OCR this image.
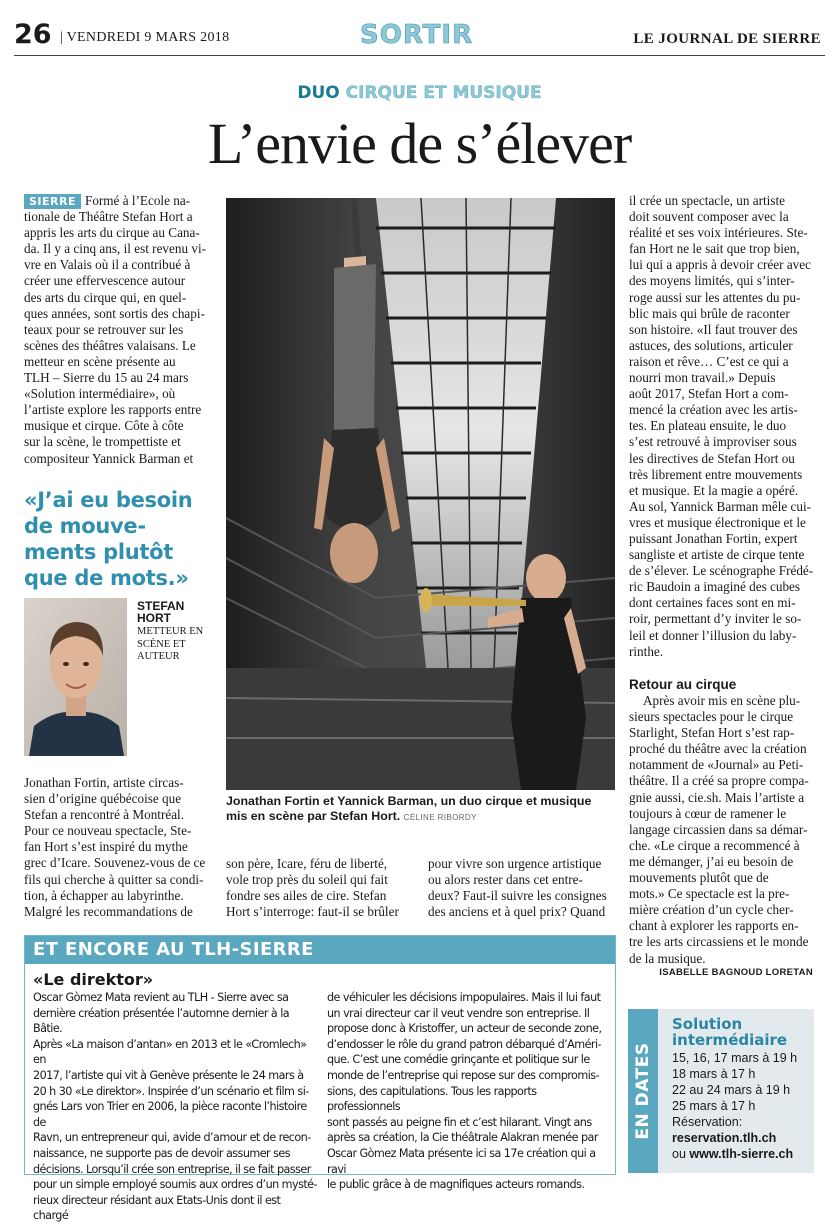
26 | VENDREDI 9 MARS 2018	SORTIR	LE JOURNAL DE SIERRE
DUO CIRQUE ET MUSIQUE
L’envie de s’élever
SIERRE Formé à l’Ecole na-
tionale de Théâtre Stefan Hort a
appris les arts du cirque au Cana-
da. Il y a cinq ans, il est revenu vi-
vre en Valais où il a contribué à
créer une effervescence autour
des arts du cirque qui, en quel-
ques années, sont sortis des chapi-
teaux pour se retrouver sur les
scènes des théâtres valaisans. Le
metteur en scène présente au
TLH – Sierre du 15 au 24 mars
«Solution intermédiaire», où
l’artiste explore les rapports entre
musique et cirque. Côte à côte
sur la scène, le trompettiste et
compositeur Yannick Barman et
«J’ai eu besoin
de mouve-
ments plutôt
que de mots.»
STEFAN
HORT
METTEUR EN
SCÈNE ET
AUTEUR
Jonathan Fortin, artiste circas-
sien d’origine québécoise que
Stefan a rencontré à Montréal.
Pour ce nouveau spectacle, Ste-
fan Hort s’est inspiré du mythe
grec d’Icare. Souvenez-vous de ce
fils qui cherche à quitter sa condi-
tion, à échapper au labyrinthe.
Malgré les recommandations de
Jonathan Fortin et Yannick Barman, un duo cirque et musique mis en scène par Stefan Hort. CÉLINE RIBORDY
son père, Icare, féru de liberté,
vole trop près du soleil qui fait
fondre ses ailes de cire. Stefan
Hort s’interroge: faut-il se brûler
pour vivre son urgence artistique
ou alors rester dans cet entre-
deux? Faut-il suivre les consignes
des anciens et à quel prix? Quand
il crée un spectacle, un artiste
doit souvent composer avec la
réalité et ses voix intérieures. Ste-
fan Hort ne le sait que trop bien,
lui qui a appris à devoir créer avec
des moyens limités, qui s’inter-
roge aussi sur les attentes du pu-
blic mais qui brûle de raconter
son histoire. «Il faut trouver des
astuces, des solutions, articuler
raison et rêve… C’est ce qui a
nourri mon travail.» Depuis
août 2017, Stefan Hort a com-
mencé la création avec les artis-
tes. En plateau ensuite, le duo
s’est retrouvé à improviser sous
les directives de Stefan Hort ou
très librement entre mouvements
et musique. Et la magie a opéré.
Au sol, Yannick Barman mêle cui-
vres et musique électronique et le
puissant Jonathan Fortin, expert
sangliste et artiste de cirque tente
de s’élever. Le scénographe Frédé-
ric Baudoin a imaginé des cubes
dont certaines faces sont en mi-
roir, permettant d’y inviter le so-
leil et donner l’illusion du laby-
rinthe.
Retour au cirque
Après avoir mis en scène plu-
sieurs spectacles pour le cirque
Starlight, Stefan Hort s’est rap-
proché du théâtre avec la création
notamment de «Journal» au Peti-
théâtre. Il a créé sa propre compa-
gnie aussi, cie.sh. Mais l’artiste a
toujours à cœur de ramener le
langage circassien dans sa démar-
che. «Le cirque a recommencé à
me démanger, j’ai eu besoin de
mouvements plutôt que de
mots.» Ce spectacle est la pre-
mière création d’un cycle cher-
chant à explorer les rapports en-
tre les arts circassiens et le monde
de la musique.
ISABELLE BAGNOUD LORETAN
ET ENCORE AU TLH-SIERRE
«Le direktor»
Oscar Gòmez Mata revient au TLH - Sierre avec sa
dernière création présentée l’automne dernier à la Bâtie.
Après «La maison d’antan» en 2013 et le «Cromlech» en
2017, l’artiste qui vit à Genève présente le 24 mars à
20 h 30 «Le direktor». Inspirée d’un scénario et film si-
gnés Lars von Trier en 2006, la pièce raconte l’histoire de
Ravn, un entrepreneur qui, avide d’amour et de recon-
naissance, ne supporte pas de devoir assumer ses
décisions. Lorsqu’il crée son entreprise, il se fait passer
pour un simple employé soumis aux ordres d’un mysté-
rieux directeur résidant aux Etats-Unis dont il est chargé
de véhiculer les décisions impopulaires. Mais il lui faut
un vrai directeur car il veut vendre son entreprise. Il
propose donc à Kristoffer, un acteur de seconde zone,
d’endosser le rôle du grand patron débarqué d’Améri-
que. C’est une comédie grinçante et politique sur le
monde de l’entreprise qui repose sur des compromis-
sions, des capitulations. Tous les rapports professionnels
sont passés au peigne fin et c’est hilarant. Vingt ans
après sa création, la Cie théâtrale Alakran menée par
Oscar Gòmez Mata présente ici sa 17e création qui a ravi
le public grâce à de magnifiques acteurs romands.
EN DATES
Solution
intermédiaire
15, 16, 17 mars à 19 h
18 mars à 17 h
22 au 24 mars à 19 h
25 mars à 17 h
Réservation:
reservation.tlh.ch
ou www.tlh-sierre.ch
